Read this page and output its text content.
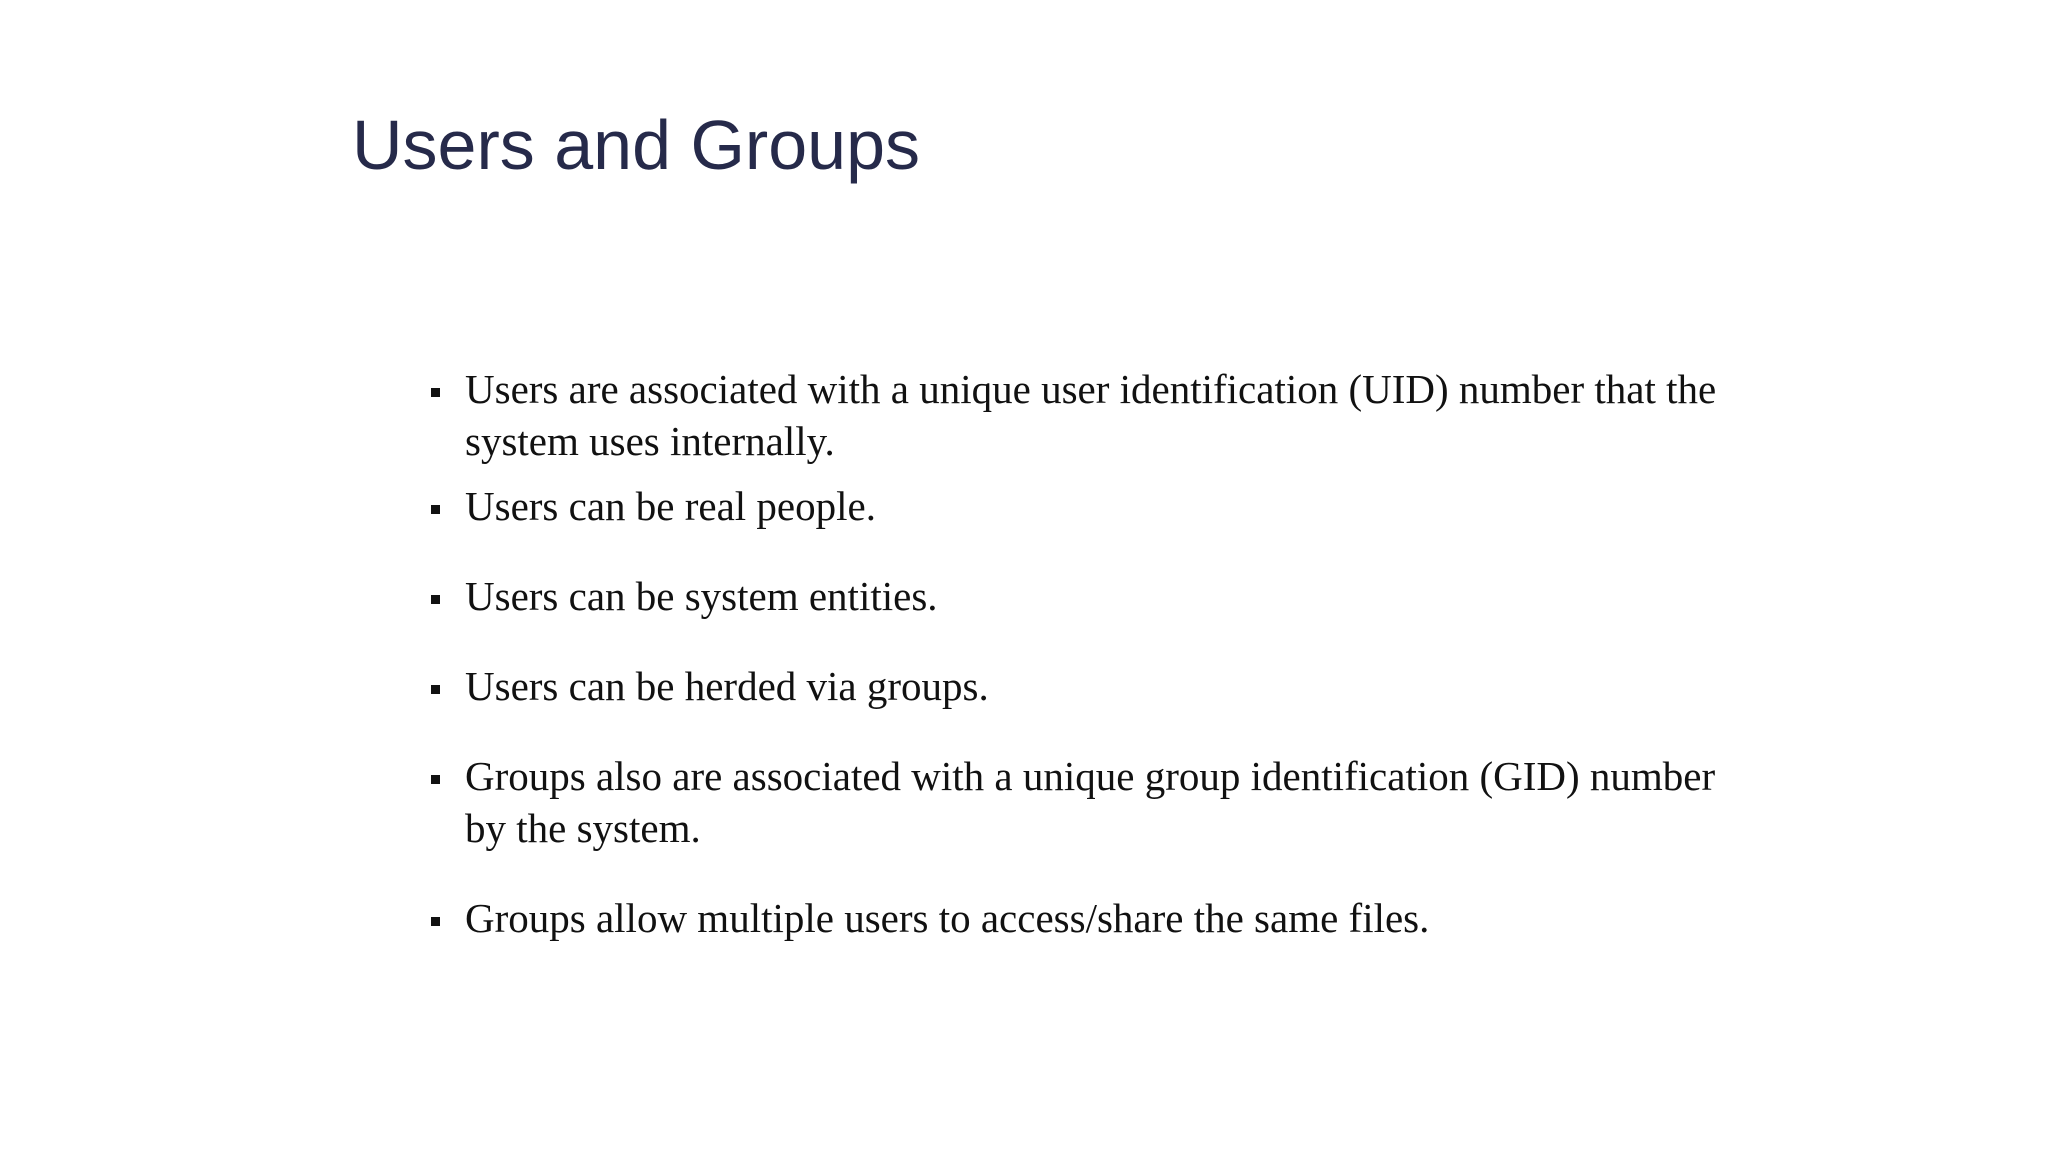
Users and Groups
Users are associated with a unique user identification (UID) number that the system uses internally.
Users can be real people.
Users can be system entities.
Users can be herded via groups.
Groups also are associated with a unique group identification (GID) number by the system.
Groups allow multiple users to access/share the same files.
